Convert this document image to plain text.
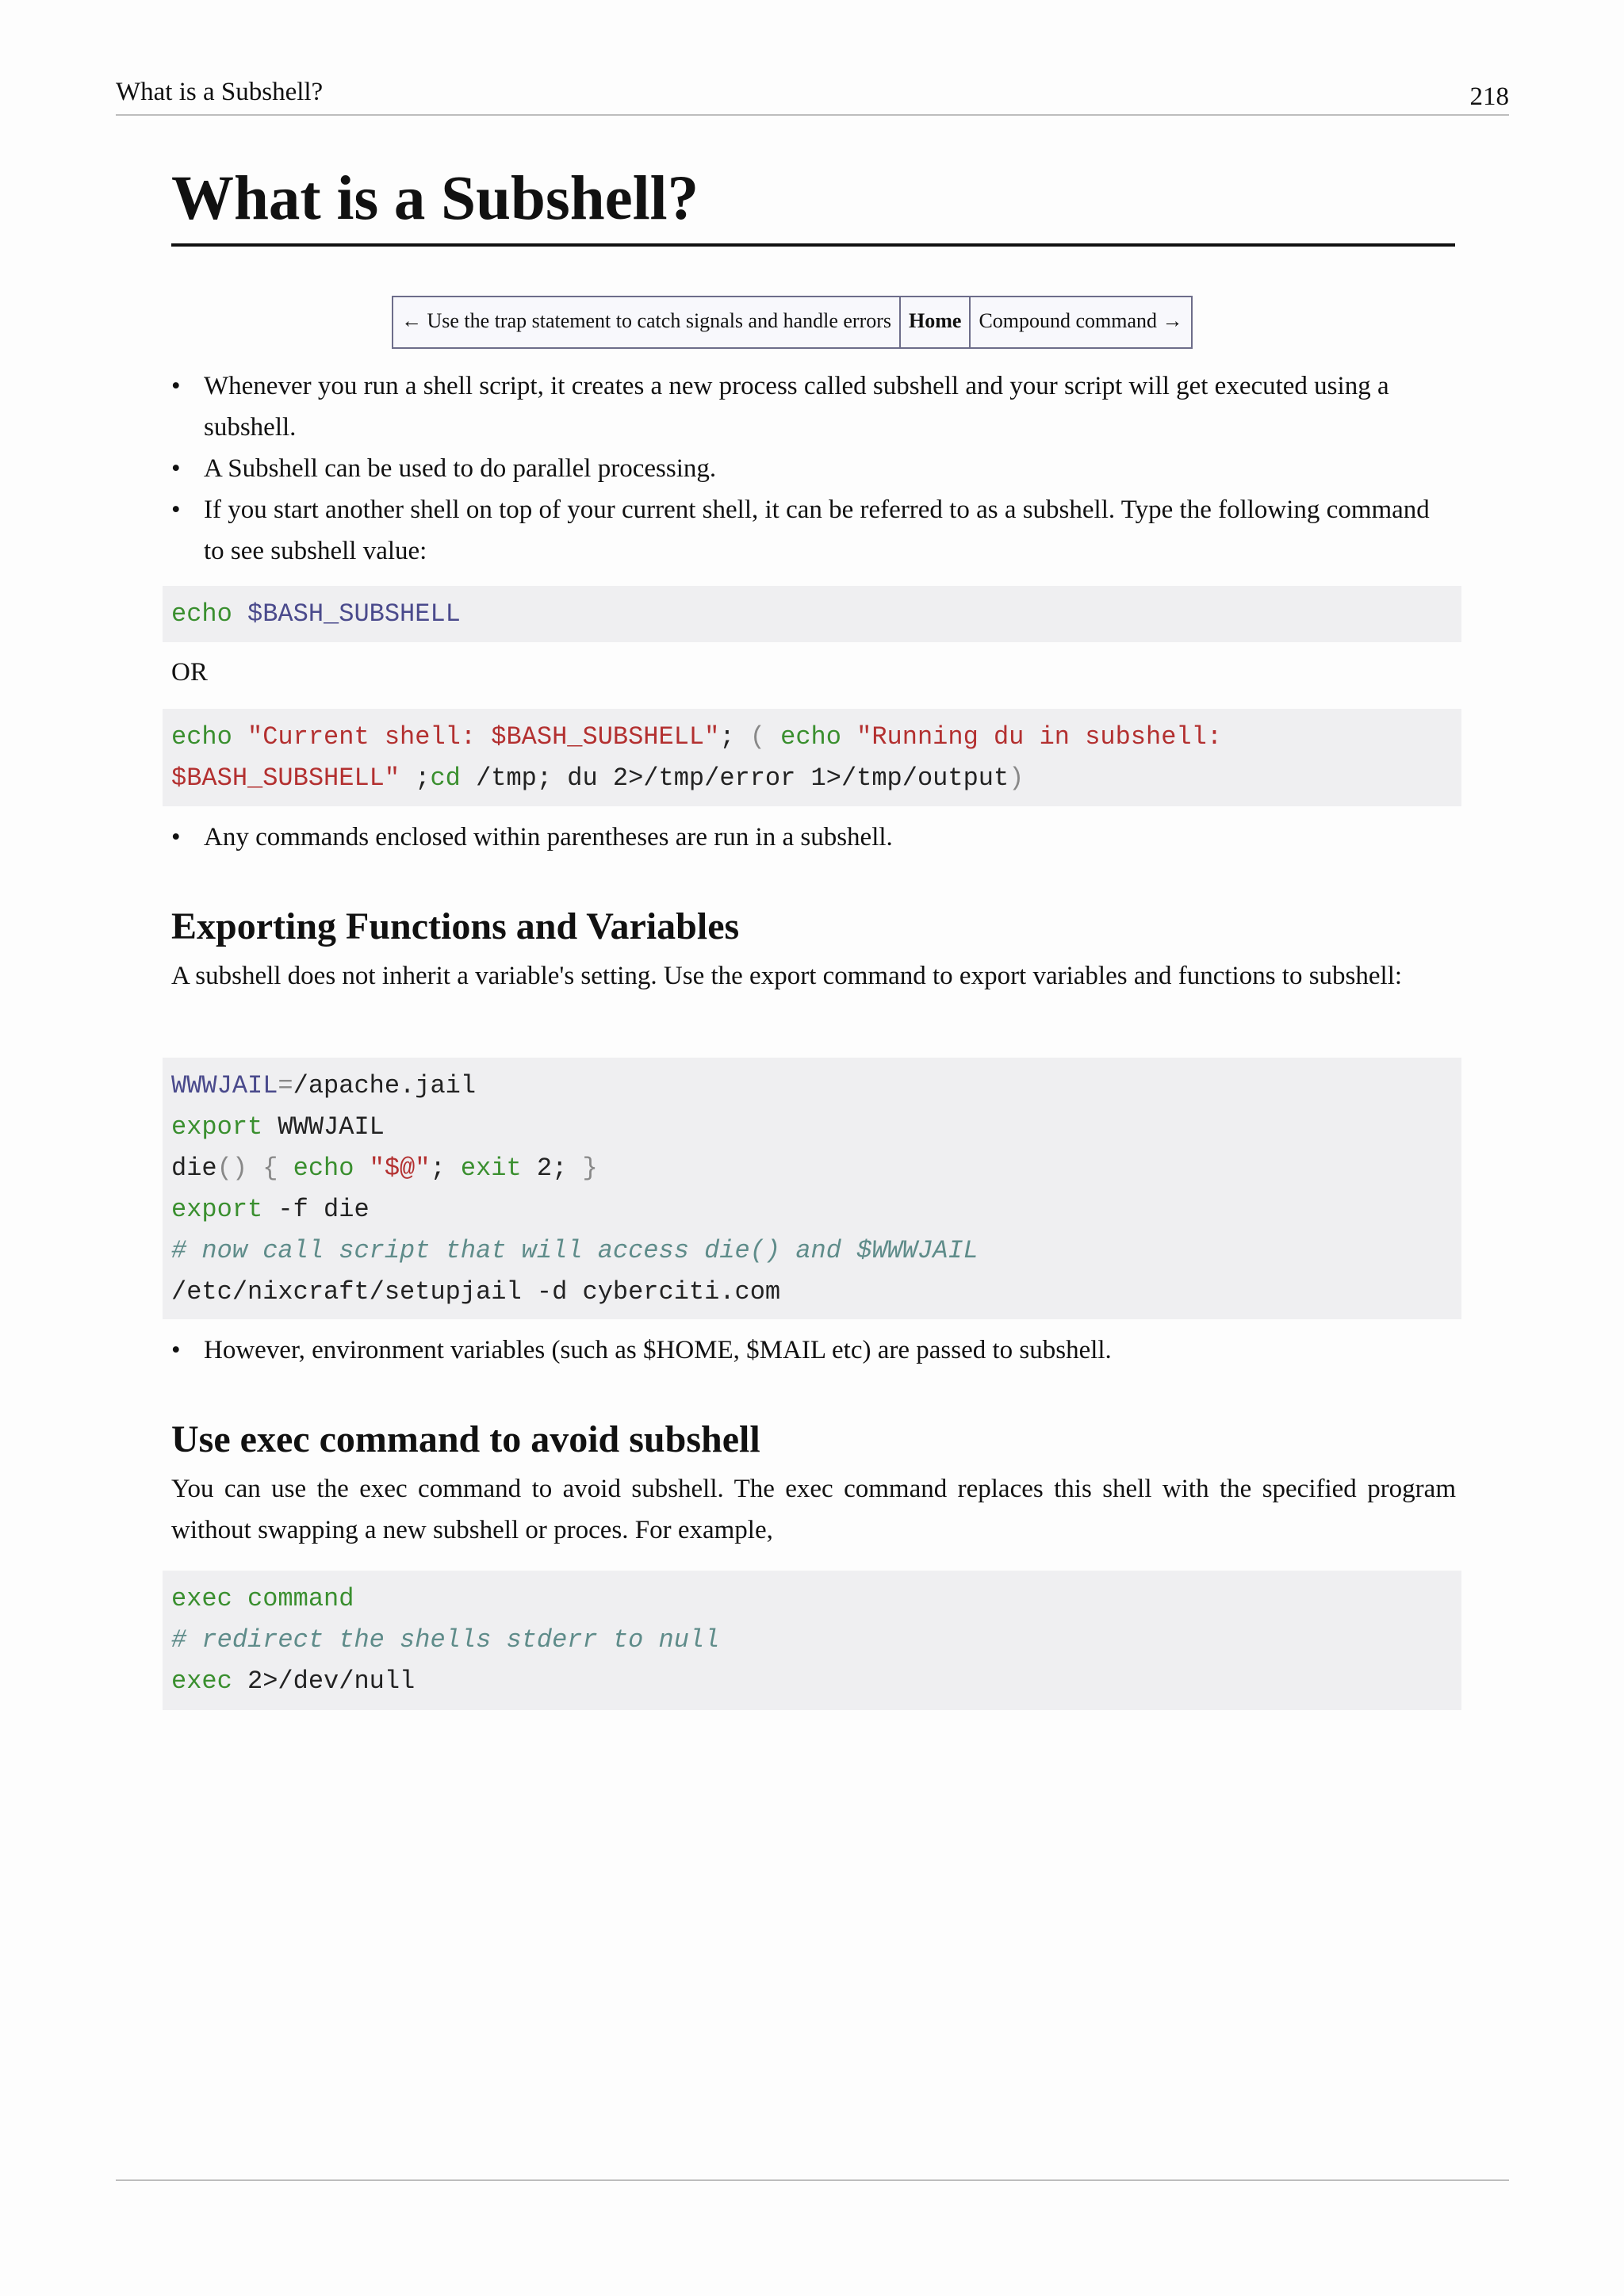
What is a Subshell?	218
What is a Subshell?
← Use the trap statement to catch signals and handle errors Home Compound command →
• Whenever you run a shell script, it creates a new process called subshell and your script will get executed using a subshell.
• A Subshell can be used to do parallel processing.
• If you start another shell on top of your current shell, it can be referred to as a subshell. Type the following command to see subshell value:
echo $BASH_SUBSHELL

OR

echo "Current shell: $BASH_SUBSHELL"; ( echo "Running du in subshell:
$BASH_SUBSHELL" ;cd /tmp; du 2>/tmp/error 1>/tmp/output)
• Any commands enclosed within parentheses are run in a subshell.
Exporting Functions and Variables

A subshell does not inherit a variable's setting. Use the export command to export variables and functions to subshell:

WWWJAIL=/apache.jail
export WWWJAIL
die() { echo "$@"; exit 2; }
export -f die
# now call script that will access die() and $WWWJAIL
/etc/nixcraft/setupjail -d cyberciti.com
• However, environment variables (such as $HOME, $MAIL etc) are passed to subshell.
Use exec command to avoid subshell

You can use the exec command to avoid subshell. The exec command replaces this shell with the specified program without swapping a new subshell or proces. For example,

exec command
# redirect the shells stderr to null
exec 2>/dev/null
